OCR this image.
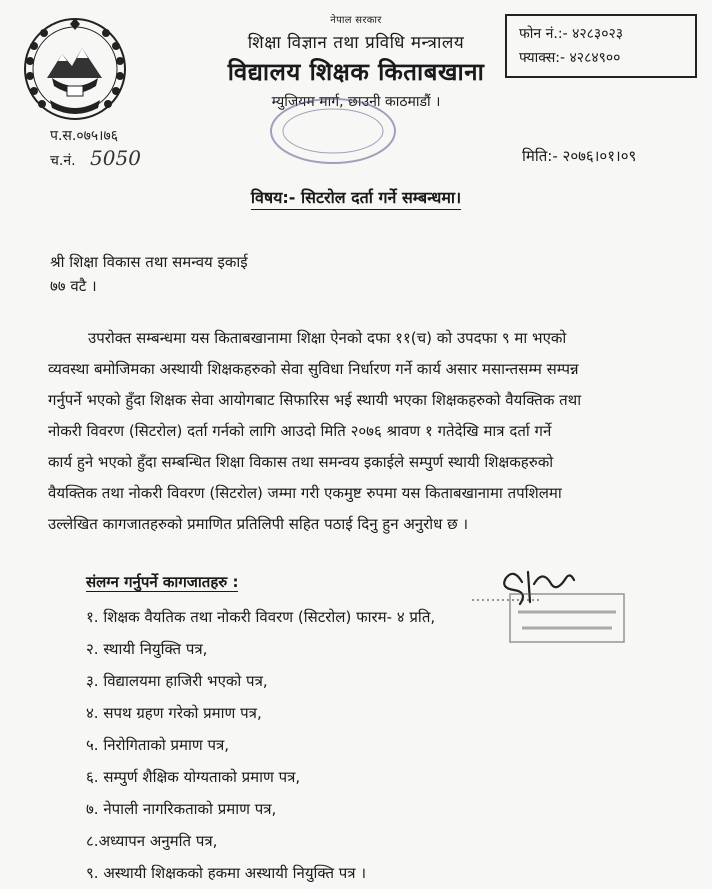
नेपाल सरकार
शिक्षा विज्ञान तथा प्रविधि मन्त्रालय
विद्यालय शिक्षक किताबखाना
म्युजियम मार्ग, छाउनी काठमाडौं ।
फोन नं.:- ४२८३०२३
फ्याक्स:- ४२८४९००
प.स.०७५।७६
च.नं. 5050	मिति:- २०७६।०१।०९
विषय:- सिटरोल दर्ता गर्ने सम्बन्धमा।
श्री शिक्षा विकास तथा समन्वय इकाई
७७ वटै ।
उपरोक्त सम्बन्धमा यस किताबखानामा शिक्षा ऐनको दफा ११(च) को उपदफा ९ मा भएको
व्यवस्था बमोजिमका अस्थायी शिक्षकहरुको सेवा सुविधा निर्धारण गर्ने कार्य असार मसान्तसम्म सम्पन्न
गर्नुपर्ने भएको हुँदा शिक्षक सेवा आयोगबाट सिफारिस भई स्थायी भएका शिक्षकहरुको वैयक्तिक तथा
नोकरी विवरण (सिटरोल) दर्ता गर्नको लागि आउदो मिति २०७६ श्रावण १ गतेदेखि मात्र दर्ता गर्ने
कार्य हुने भएको हुँदा सम्बन्धित शिक्षा विकास तथा समन्वय इकाईले सम्पुर्ण स्थायी शिक्षकहरुको
वैयक्तिक तथा नोकरी विवरण (सिटरोल) जम्मा गरी एकमुष्ट रुपमा यस किताबखानामा तपशिलमा
उल्लेखित कागजातहरुको प्रमाणित प्रतिलिपी सहित पठाई दिनु हुन अनुरोध छ ।
संलग्न गर्नुपर्ने कागजातहरु :
१. शिक्षक वैयतिक तथा नोकरी विवरण (सिटरोल) फारम- ४ प्रति,
२. स्थायी नियुक्ति पत्र,
३. विद्यालयमा हाजिरी भएको पत्र,
४. सपथ ग्रहण गरेको प्रमाण पत्र,
५. निरोगिताको प्रमाण पत्र,
६. सम्पुर्ण शैक्षिक योग्यताको प्रमाण पत्र,
७. नेपाली नागरिकताको प्रमाण पत्र,
८.अध्यापन अनुमति पत्र,
९. अस्थायी शिक्षकको हकमा अस्थायी नियुक्ति पत्र ।
